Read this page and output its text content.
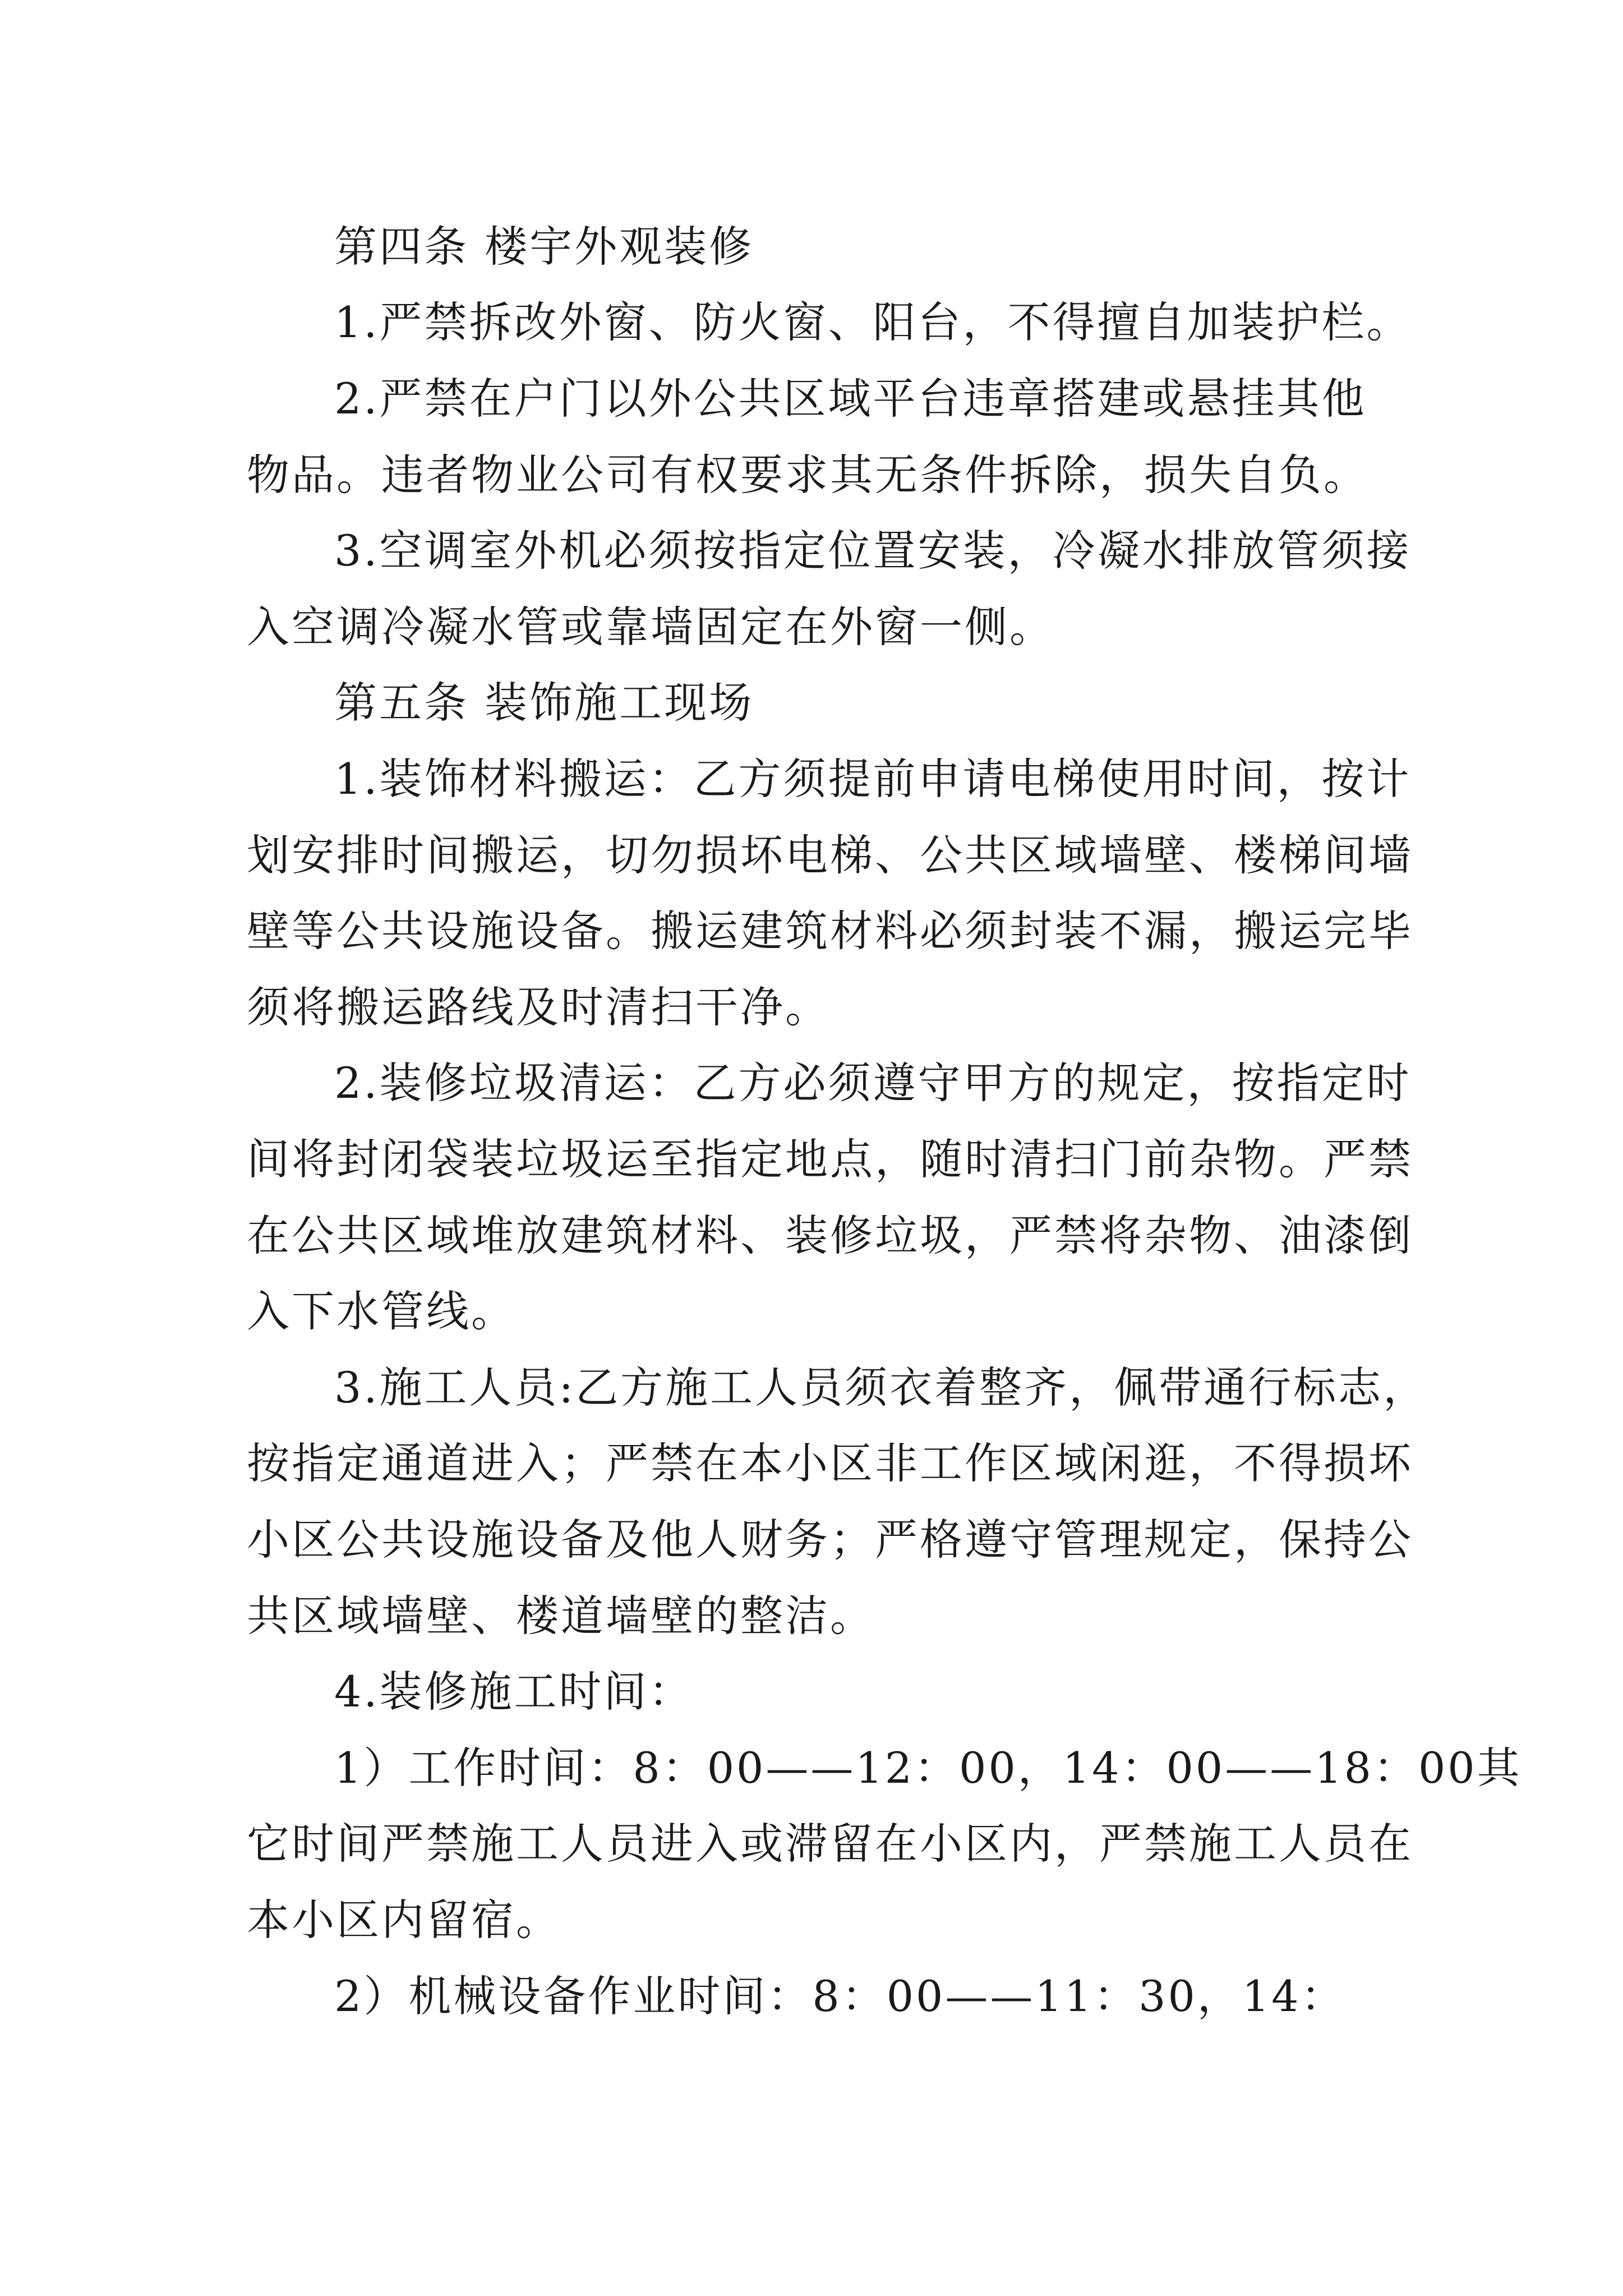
第四条 楼宇外观装修
1.严禁拆改外窗、防火窗、阳台，不得擅自加装护栏。
2.严禁在户门以外公共区域平台违章搭建或悬挂其他
物品。违者物业公司有权要求其无条件拆除，损失自负。
3.空调室外机必须按指定位置安装，冷凝水排放管须接
入空调冷凝水管或靠墙固定在外窗一侧。
第五条 装饰施工现场
1.装饰材料搬运：乙方须提前申请电梯使用时间，按计
划安排时间搬运，切勿损坏电梯、公共区域墙壁、楼梯间墙
壁等公共设施设备。搬运建筑材料必须封装不漏，搬运完毕
须将搬运路线及时清扫干净。
2.装修垃圾清运：乙方必须遵守甲方的规定，按指定时
间将封闭袋装垃圾运至指定地点，随时清扫门前杂物。严禁
在公共区域堆放建筑材料、装修垃圾，严禁将杂物、油漆倒
入下水管线。
3.施工人员:乙方施工人员须衣着整齐，佩带通行标志，
按指定通道进入；严禁在本小区非工作区域闲逛，不得损坏
小区公共设施设备及他人财务；严格遵守管理规定，保持公
共区域墙壁、楼道墙壁的整洁。
4.装修施工时间：
1）工作时间：8：00——12：00，14：00——18：00其
它时间严禁施工人员进入或滞留在小区内，严禁施工人员在
本小区内留宿。
2）机械设备作业时间：8：00——11：30，14：
